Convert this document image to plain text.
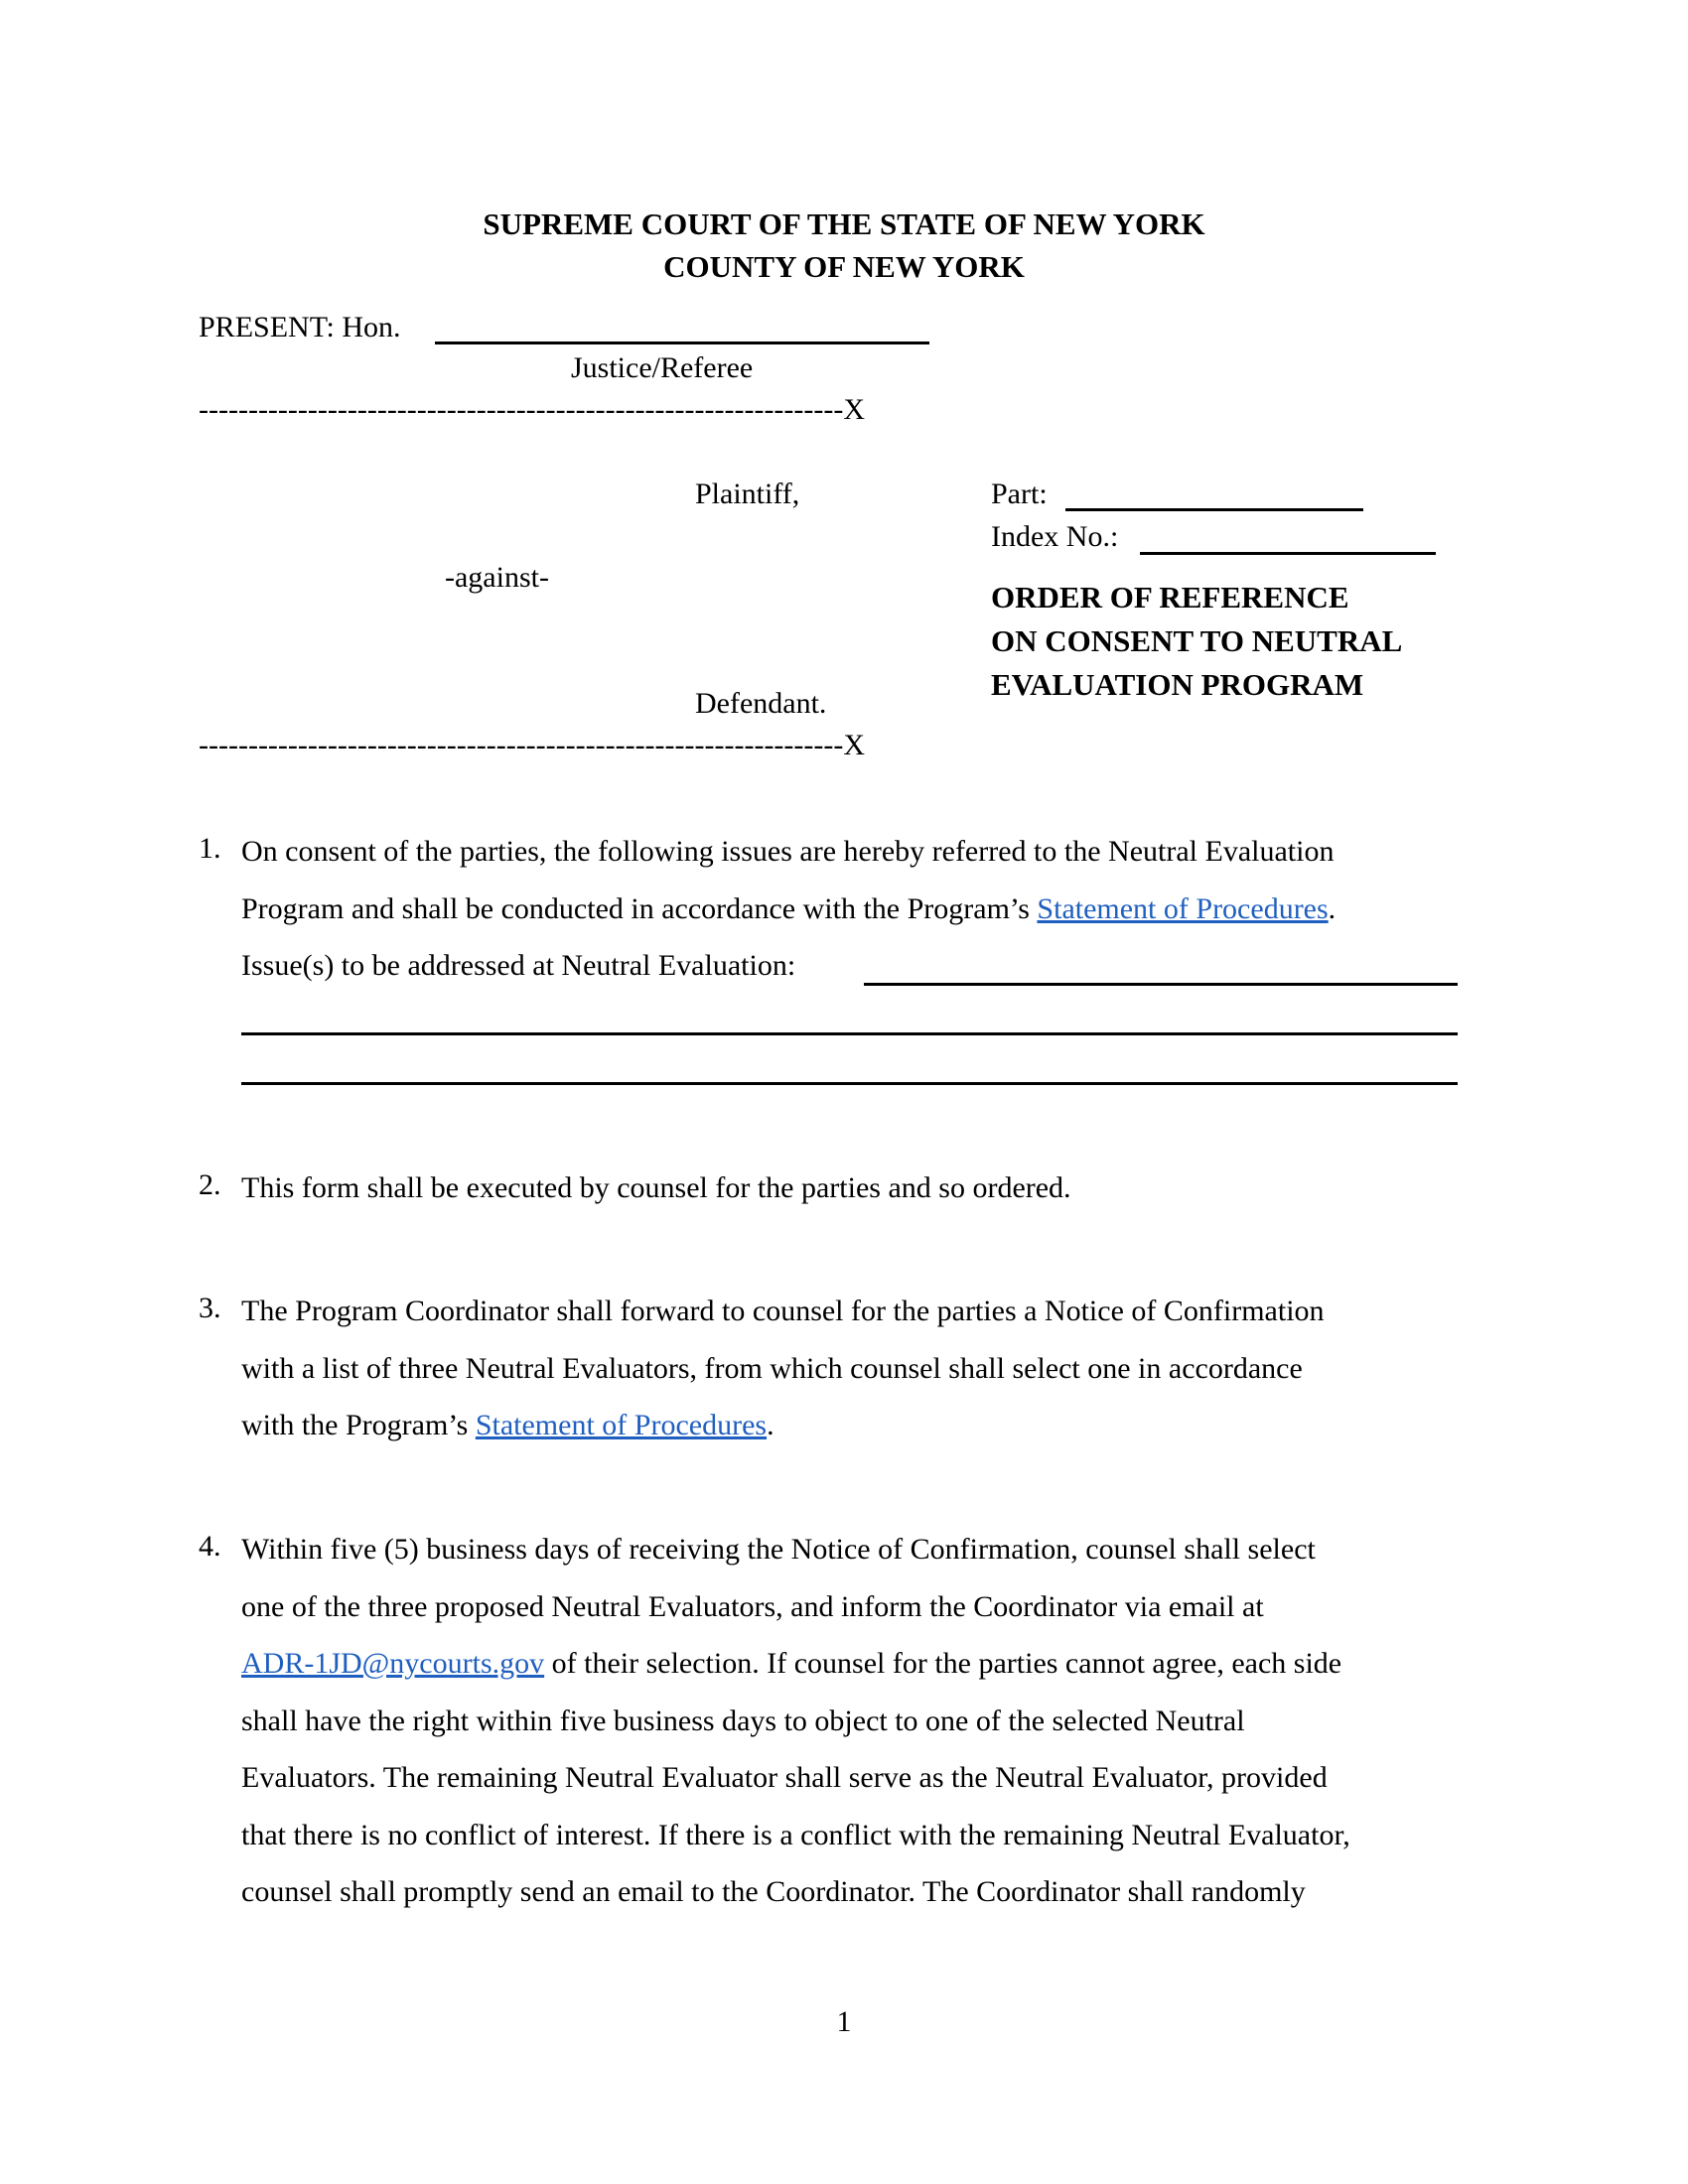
SUPREME COURT OF THE STATE OF NEW YORK
COUNTY OF NEW YORK
PRESENT: Hon.
Justice/Referee
-----------------------------------------------------------------X
Plaintiff,
-against-
Defendant.
-----------------------------------------------------------------X
Part:
Index No.:
ORDER OF REFERENCE
ON CONSENT TO NEUTRAL
EVALUATION PROGRAM
1. On consent of the parties, the following issues are hereby referred to the Neutral Evaluation
Program and shall be conducted in accordance with the Program’s Statement of Procedures.
Issue(s) to be addressed at Neutral Evaluation:
2. This form shall be executed by counsel for the parties and so ordered.
3. The Program Coordinator shall forward to counsel for the parties a Notice of Confirmation
with a list of three Neutral Evaluators, from which counsel shall select one in accordance
with the Program’s Statement of Procedures.
4. Within five (5) business days of receiving the Notice of Confirmation, counsel shall select
one of the three proposed Neutral Evaluators, and inform the Coordinator via email at
ADR-1JD@nycourts.gov of their selection. If counsel for the parties cannot agree, each side
shall have the right within five business days to object to one of the selected Neutral
Evaluators. The remaining Neutral Evaluator shall serve as the Neutral Evaluator, provided
that there is no conflict of interest. If there is a conflict with the remaining Neutral Evaluator,
counsel shall promptly send an email to the Coordinator. The Coordinator shall randomly
1
